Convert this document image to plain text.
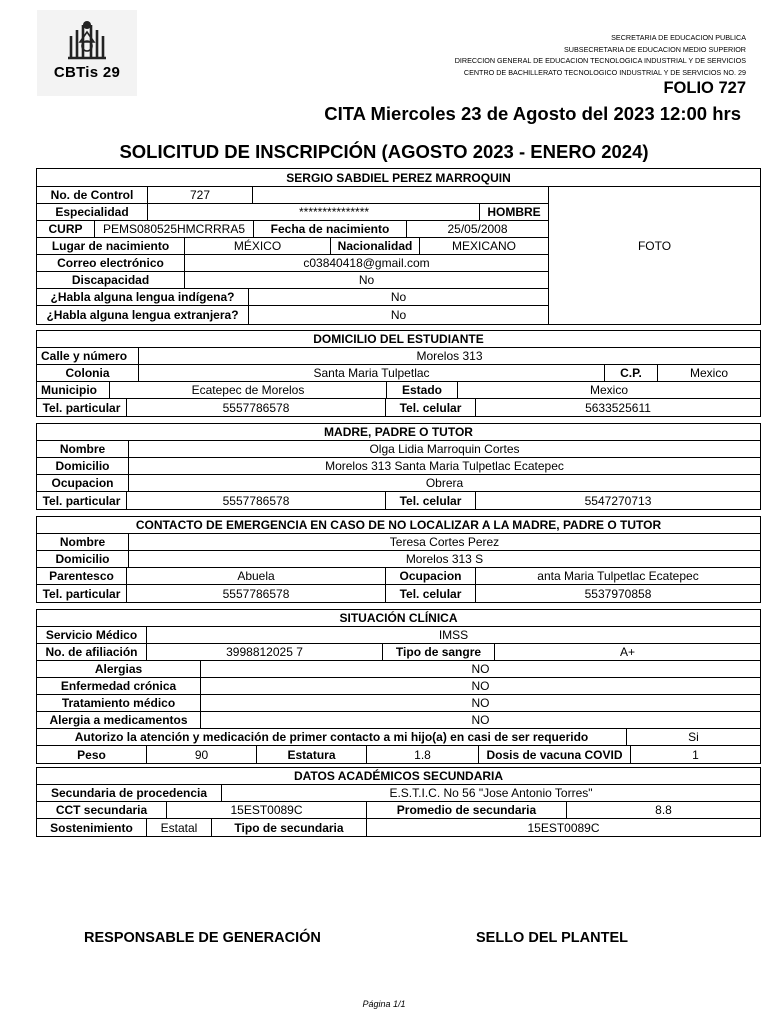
CBTis 29
SECRETARIA DE EDUCACION PUBLICA
SUBSECRETARIA DE EDUCACION MEDIO SUPERIOR
DIRECCION GENERAL DE EDUCACION TECNOLOGICA INDUSTRIAL Y DE SERVICIOS
CENTRO DE BACHILLERATO TECNOLOGICO INDUSTRIAL Y DE SERVICIOS NO. 29
FOLIO 727
CITA Miercoles 23 de Agosto del 2023 12:00 hrs
SOLICITUD DE INSCRIPCIÓN (AGOSTO 2023 - ENERO 2024)
SERGIO SABDIEL PEREZ MARROQUIN
No. de Control	727
Especialidad	***************	HOMBRE
CURP	PEMS080525HMCRRRA5	Fecha de nacimiento	25/05/2008
Lugar de nacimiento	MÉXICO	Nacionalidad	MEXICANO
Correo electrónico	c03840418@gmail.com
Discapacidad	No
¿Habla alguna lengua indígena?	No
¿Habla alguna lengua extranjera?	No
FOTO
DOMICILIO DEL ESTUDIANTE
Calle y número	Morelos 313
Colonia	Santa Maria Tulpetlac	C.P.	Mexico
Municipio	Ecatepec de Morelos	Estado	Mexico
Tel. particular	5557786578	Tel. celular	5633525611
MADRE, PADRE O TUTOR
Nombre	Olga Lidia Marroquin Cortes
Domicilio	Morelos 313 Santa Maria Tulpetlac Ecatepec
Ocupacion	Obrera
Tel. particular	5557786578	Tel. celular	5547270713
CONTACTO DE EMERGENCIA EN CASO DE NO LOCALIZAR A LA MADRE, PADRE O TUTOR
Nombre	Teresa Cortes Perez
Domicilio	Morelos 313 S
Parentesco	Abuela	Ocupacion	anta Maria Tulpetlac Ecatepec
Tel. particular	5557786578	Tel. celular	5537970858
SITUACIÓN CLÍNICA
Servicio Médico	IMSS
No. de afiliación	3998812025 7	Tipo de sangre	A+
Alergias	NO
Enfermedad crónica	NO
Tratamiento médico	NO
Alergia a medicamentos	NO
Autorizo la atención y medicación de primer contacto a mi hijo(a) en casi de ser requerido	Si
Peso	90	Estatura	1.8	Dosis de vacuna COVID	1
DATOS ACADÉMICOS SECUNDARIA
Secundaria de procedencia	E.S.T.I.C. No 56 "Jose Antonio Torres"
CCT secundaria	15EST0089C	Promedio de secundaria	8.8
Sostenimiento	Estatal	Tipo de secundaria	15EST0089C
RESPONSABLE DE GENERACIÓN	SELLO DEL PLANTEL
Página 1/1
